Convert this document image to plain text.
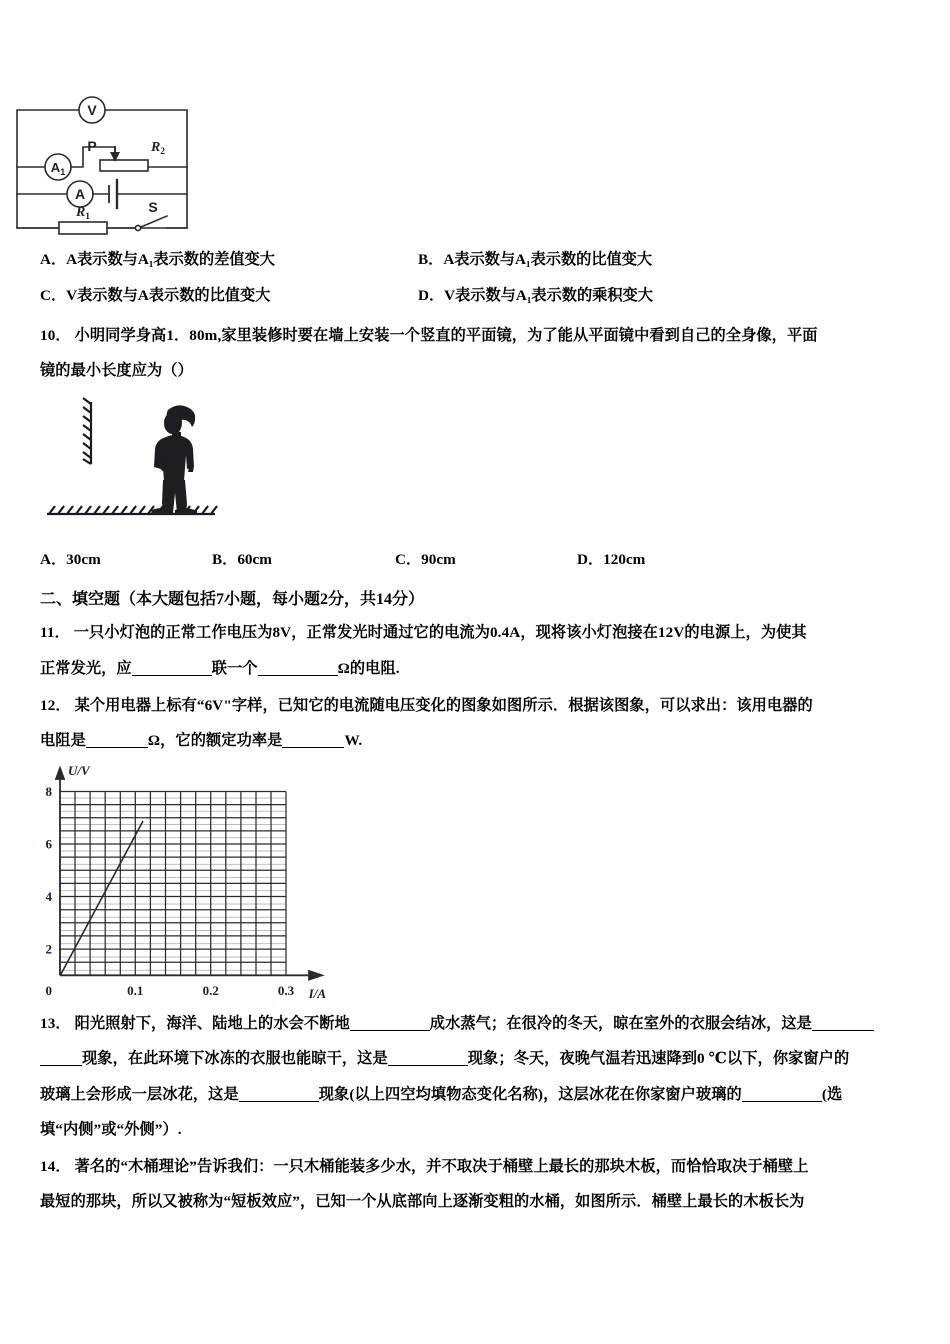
V
$A_1$
A
P	$R_2$
$R_1$
S
8
6
4
2
0	0.1	0.2	0.3
U/V
I/A
A．A表示数与A₁表示数的差值变大	B．A表示数与A₁表示数的比值变大
C．V表示数与A表示数的比值变大	D．V表示数与A₁表示数的乘积变大
10． 小明同学身高1．80m,家里装修时要在墙上安装一个竖直的平面镜，为了能从平面镜中看到自己的全身像，平面
镜的最小长度应为（）
A．30cm	B．60cm	C．90cm	D．120cm
二、填空题（本大题包括7小题，每小题2分，共14分）
11． 一只小灯泡的正常工作电压为8V，正常发光时通过它的电流为0.4A，现将该小灯泡接在12V的电源上，为使其
正常发光，应	联一个	Ω的电阻.
12． 某个用电器上标有“6V"字样，已知它的电流随电压变化的图象如图所示．根据该图象，可以求出：该用电器的
电阻是	Ω，它的额定功率是	W.
13． 阳光照射下，海洋、陆地上的水会不断地	成水蒸气；在很冷的冬天，晾在室外的衣服会结冰，这是
现象，在此环境下冰冻的衣服也能晾干，这是	现象；冬天，夜晚气温若迅速降到0 ℃以下，你家窗户的
玻璃上会形成一层冰花，这是	现象(以上四空均填物态变化名称)，这层冰花在你家窗户玻璃的	(选
填“内侧”或“外侧”）.
14． 著名的“木桶理论”告诉我们：一只木桶能装多少水，并不取决于桶壁上最长的那块木板，而恰恰取决于桶壁上
最短的那块，所以又被称为“短板效应”，已知一个从底部向上逐渐变粗的水桶，如图所示．桶壁上最长的木板长为
